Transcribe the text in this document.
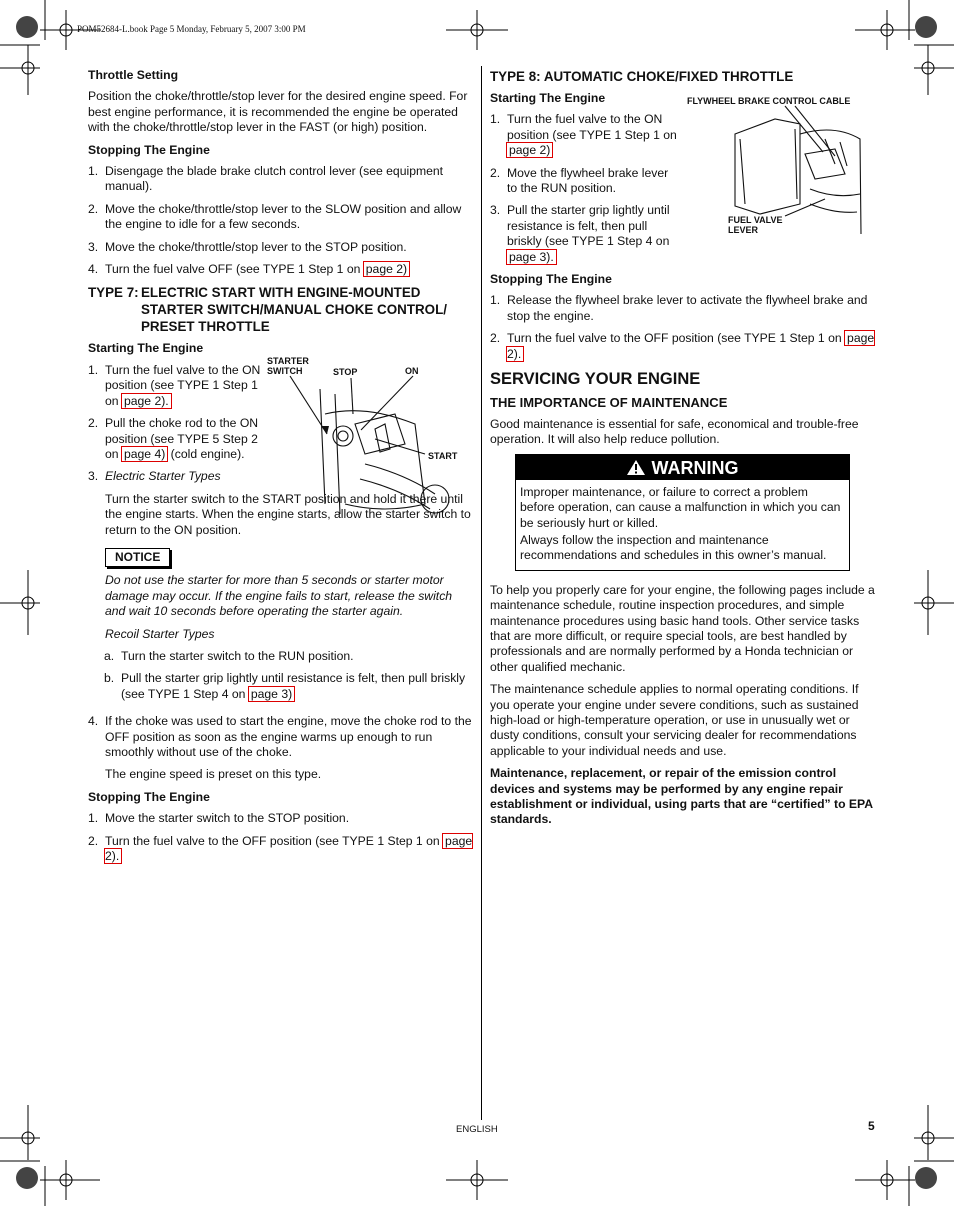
POM52684-L.book Page 5 Monday, February 5, 2007 3:00 PM
Throttle Setting

Position the choke/throttle/stop lever for the desired engine speed. For best engine performance, it is recommended the engine be operated with the choke/throttle/stop lever in the FAST (or high) position.

Stopping The Engine
1. Disengage the blade brake clutch control lever (see equipment manual).
2. Move the choke/throttle/stop lever to the SLOW position and allow the engine to idle for a few seconds.
3. Move the choke/throttle/stop lever to the STOP position.
4. Turn the fuel valve OFF (see TYPE 1 Step 1 on page 2)
TYPE 7: ELECTRIC START WITH ENGINE-MOUNTED STARTER SWITCH/MANUAL CHOKE CONTROL/ PRESET THROTTLE
Starting The Engine
1. Turn the fuel valve to the ON position (see TYPE 1 Step 1 on page 2).
2. Pull the choke rod to the ON position (see TYPE 5 Step 2 on page 4) (cold engine).
3. Electric Starter Types

Turn the starter switch to the START position and hold it there until the engine starts. When the engine starts, allow the starter switch to return to the ON position.

NOTICE

Do not use the starter for more than 5 seconds or starter motor damage may occur. If the engine fails to start, release the switch and wait 10 seconds before operating the starter again.

Recoil Starter Types

a. Turn the starter switch to the RUN position.
b. Pull the starter grip lightly until resistance is felt, then pull briskly (see TYPE 1 Step 4 on page 3)
4. If the choke was used to start the engine, move the choke rod to the OFF position as soon as the engine warms up enough to run smoothly without use of the choke.

The engine speed is preset on this type.

Stopping The Engine
1. Move the starter switch to the STOP position.
2. Turn the fuel valve to the OFF position (see TYPE 1 Step 1 on page 2).
STARTER SWITCH	STOP	ON
START
TYPE 8: AUTOMATIC CHOKE/FIXED THROTTLE
Starting The Engine
1. Turn the fuel valve to the ON position (see TYPE 1 Step 1 on page 2)
2. Move the flywheel brake lever to the RUN position.
3. Pull the starter grip lightly until resistance is felt, then pull briskly (see TYPE 1 Step 4 on page 3).
Stopping The Engine
1. Release the flywheel brake lever to activate the flywheel brake and stop the engine.
2. Turn the fuel valve to the OFF position (see TYPE 1 Step 1 on page 2).
SERVICING YOUR ENGINE
THE IMPORTANCE OF MAINTENANCE

Good maintenance is essential for safe, economical and trouble-free operation. It will also help reduce pollution.

WARNING

Improper maintenance, or failure to correct a problem before operation, can cause a malfunction in which you can be seriously hurt or killed.

Always follow the inspection and maintenance recommendations and schedules in this owner’s manual.

To help you properly care for your engine, the following pages include a maintenance schedule, routine inspection procedures, and simple maintenance procedures using basic hand tools. Other service tasks that are more difficult, or require special tools, are best handled by professionals and are normally performed by a Honda technician or other qualified mechanic.

The maintenance schedule applies to normal operating conditions. If you operate your engine under severe conditions, such as sustained high-load or high-temperature operation, or use in unusually wet or dusty conditions, consult your servicing dealer for recommendations applicable to your individual needs and use.

Maintenance, replacement, or repair of the emission control devices and systems may be performed by any engine repair establishment or individual, using parts that are “certified” to EPA standards.

FLYWHEEL BRAKE CONTROL CABLE
FUEL VALVE LEVER
ENGLISH	5
